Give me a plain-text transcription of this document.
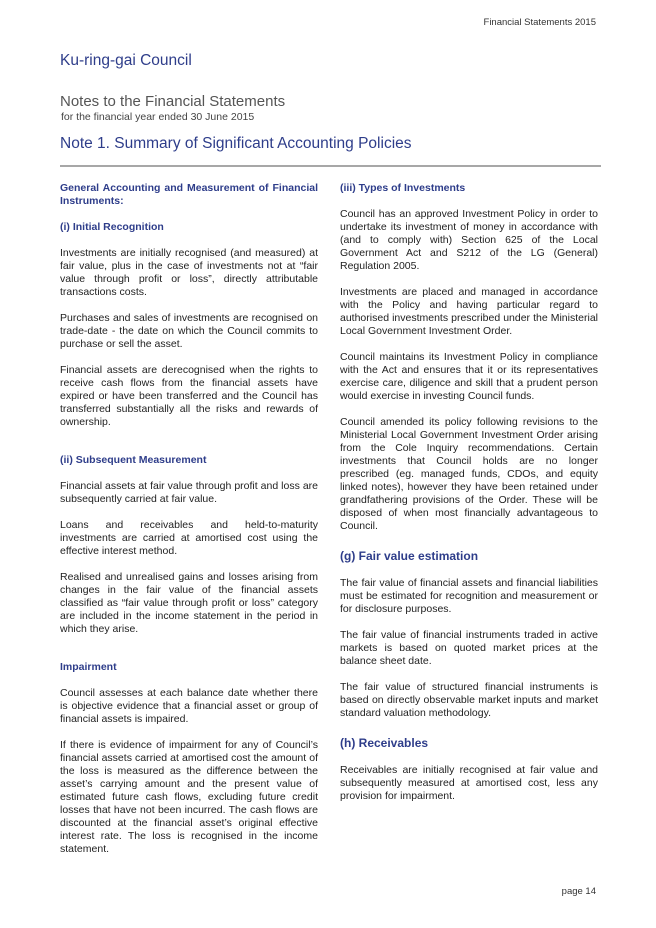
Financial Statements 2015
Ku-ring-gai Council
Notes to the Financial Statements
for the financial year ended 30 June 2015
Note 1. Summary of Significant Accounting Policies
General Accounting and Measurement of Financial Instruments:
(i) Initial Recognition

Investments are initially recognised (and measured) at fair value, plus in the case of investments not at “fair value through profit or loss”, directly attributable transactions costs.

Purchases and sales of investments are recognised on trade-date - the date on which the Council commits to purchase or sell the asset.

Financial assets are derecognised when the rights to receive cash flows from the financial assets have expired or have been transferred and the Council has transferred substantially all the risks and rewards of ownership.

(ii) Subsequent Measurement

Financial assets at fair value through profit and loss are subsequently carried at fair value.

Loans and receivables and held-to-maturity investments are carried at amortised cost using the effective interest method.

Realised and unrealised gains and losses arising from changes in the fair value of the financial assets classified as “fair value through profit or loss” category are included in the income statement in the period in which they arise.

Impairment

Council assesses at each balance date whether there is objective evidence that a financial asset or group of financial assets is impaired.

If there is evidence of impairment for any of Council’s financial assets carried at amortised cost the amount of the loss is measured as the difference between the asset’s carrying amount and the present value of estimated future cash flows, excluding future credit losses that have not been incurred. The cash flows are discounted at the financial asset’s original effective interest rate. The loss is recognised in the income statement.

(iii) Types of Investments

Council has an approved Investment Policy in order to undertake its investment of money in accordance with (and to comply with) Section 625 of the Local Government Act and S212 of the LG (General) Regulation 2005.

Investments are placed and managed in accordance with the Policy and having particular regard to authorised investments prescribed under the Ministerial Local Government Investment Order.

Council maintains its Investment Policy in compliance with the Act and ensures that it or its representatives exercise care, diligence and skill that a prudent person would exercise in investing Council funds.

Council amended its policy following revisions to the Ministerial Local Government Investment Order arising from the Cole Inquiry recommendations. Certain investments that Council holds are no longer prescribed (eg. managed funds, CDOs, and equity linked notes), however they have been retained under grandfathering provisions of the Order. These will be disposed of when most financially advantageous to Council.

(g) Fair value estimation

The fair value of financial assets and financial liabilities must be estimated for recognition and measurement or for disclosure purposes.

The fair value of financial instruments traded in active markets is based on quoted market prices at the balance sheet date.

The fair value of structured financial instruments is based on directly observable market inputs and market standard valuation methodology.

(h) Receivables

Receivables are initially recognised at fair value and subsequently measured at amortised cost, less any provision for impairment.

page 14
